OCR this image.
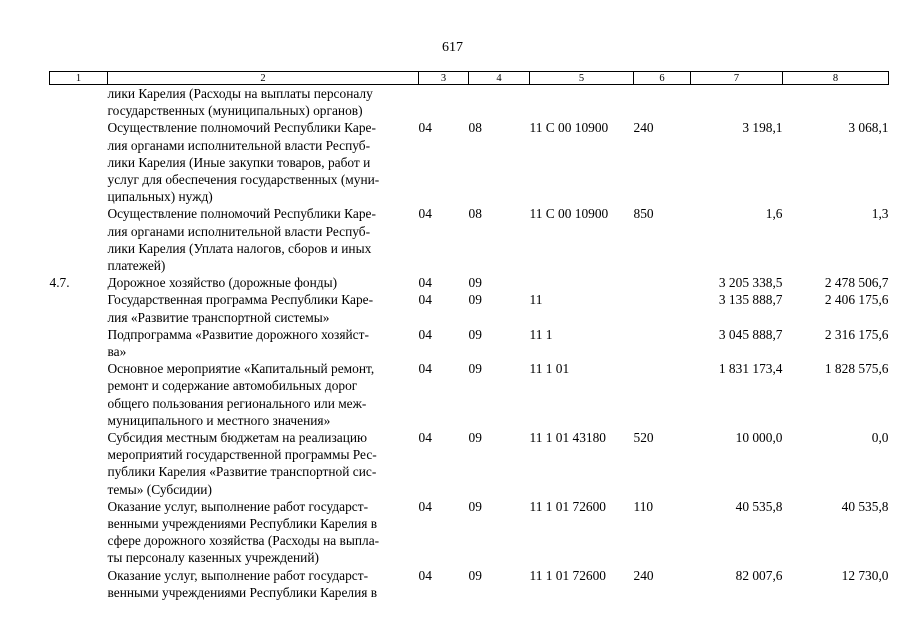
617
1	2	3	4	5	6	7	8

	лики Карелия (Расходы на выплаты персоналу
государственных (муниципальных) органов)						

	Осуществление полномочий Республики Каре-
лия органами исполнительной власти Респуб-
лики Карелия (Иные закупки товаров, работ и
услуг для обеспечения государственных (муни-
ципальных) нужд)	04	08	11 С 00 10900	240	3 198,1	3 068,1

	Осуществление полномочий Республики Каре-
лия органами исполнительной власти Респуб-
лики Карелия (Уплата налогов, сборов и иных
платежей)	04	08	11 С 00 10900	850	1,6	1,3
4.7.	Дорожное хозяйство (дорожные фонды)	04	09			3 205 338,5	2 478 506,7

	Государственная программа Республики Каре-
лия «Развитие транспортной системы»	04	09	11		3 135 888,7	2 406 175,6

	Подпрограмма «Развитие дорожного хозяйст-
ва»	04	09	11 1		3 045 888,7	2 316 175,6

	Основное мероприятие «Капитальный ремонт,
ремонт и содержание автомобильных дорог
общего пользования регионального или меж-
муниципального и местного значения»	04	09	11 1 01		1 831 173,4	1 828 575,6

	Субсидия местным бюджетам на реализацию
мероприятий государственной программы Рес-
публики Карелия «Развитие транспортной сис-
темы» (Субсидии)	04	09	11 1 01 43180	520	10 000,0	0,0

	Оказание услуг, выполнение работ государст-
венными учреждениями Республики Карелия в
сфере дорожного хозяйства (Расходы на выпла-
ты персоналу казенных учреждений)	04	09	11 1 01 72600	110	40 535,8	40 535,8

	Оказание услуг, выполнение работ государст-
венными учреждениями Республики Карелия в	04	09	11 1 01 72600	240	82 007,6	12 730,0
